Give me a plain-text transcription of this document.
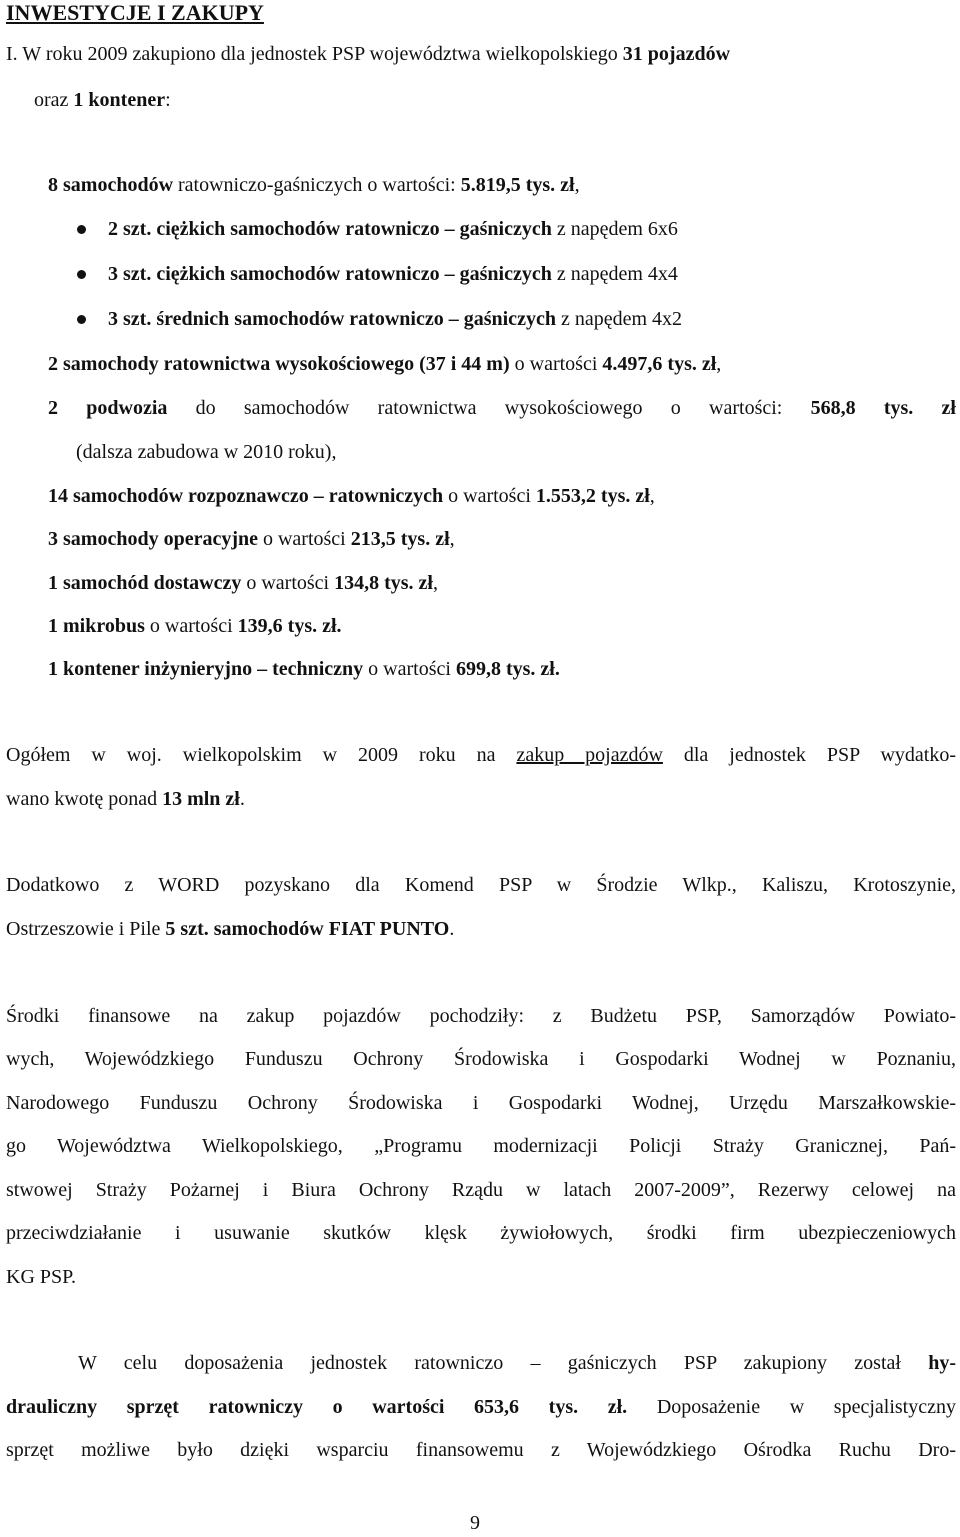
INWESTYCJE I ZAKUPY
I. W roku 2009 zakupiono dla jednostek PSP województwa wielkopolskiego 31 pojazdów
oraz 1 kontener:
8 samochodów ratowniczo-gaśniczych o wartości: 5.819,5 tys. zł,
2 szt. ciężkich samochodów ratowniczo – gaśniczych z napędem 6x6
3 szt. ciężkich samochodów ratowniczo – gaśniczych z napędem 4x4
3 szt. średnich samochodów ratowniczo – gaśniczych z napędem 4x2
2 samochody ratownictwa wysokościowego (37 i 44 m) o wartości 4.497,6 tys. zł,
2 podwozia do samochodów ratownictwa wysokościowego o wartości: 568,8 tys. zł
(dalsza zabudowa w 2010 roku),
14 samochodów rozpoznawczo – ratowniczych o wartości 1.553,2 tys. zł,
3 samochody operacyjne o wartości 213,5 tys. zł,
1 samochód dostawczy o wartości 134,8 tys. zł,
1 mikrobus o wartości 139,6 tys. zł.
1 kontener inżynieryjno – techniczny o wartości 699,8 tys. zł.
Ogółem w woj. wielkopolskim w 2009 roku na zakup pojazdów dla jednostek PSP wydatko-
wano kwotę ponad 13 mln zł.
Dodatkowo z WORD pozyskano dla Komend PSP w Środzie Wlkp., Kaliszu, Krotoszynie,
Ostrzeszowie i Pile 5 szt. samochodów FIAT PUNTO.
Środki finansowe na zakup pojazdów pochodziły: z Budżetu PSP, Samorządów Powiato-
wych, Wojewódzkiego Funduszu Ochrony Środowiska i Gospodarki Wodnej w Poznaniu,
Narodowego Funduszu Ochrony Środowiska i Gospodarki Wodnej, Urzędu Marszałkowskie-
go Województwa Wielkopolskiego, „Programu modernizacji Policji Straży Granicznej, Pań-
stwowej Straży Pożarnej i Biura Ochrony Rządu w latach 2007-2009”, Rezerwy celowej na
przeciwdziałanie i usuwanie skutków klęsk żywiołowych, środki firm ubezpieczeniowych
KG PSP.
W celu doposażenia jednostek ratowniczo – gaśniczych PSP zakupiony został hy-
drauliczny sprzęt ratowniczy o wartości 653,6 tys. zł. Doposażenie w specjalistyczny
sprzęt możliwe było dzięki wsparciu finansowemu z Wojewódzkiego Ośrodka Ruchu Dro-
9
